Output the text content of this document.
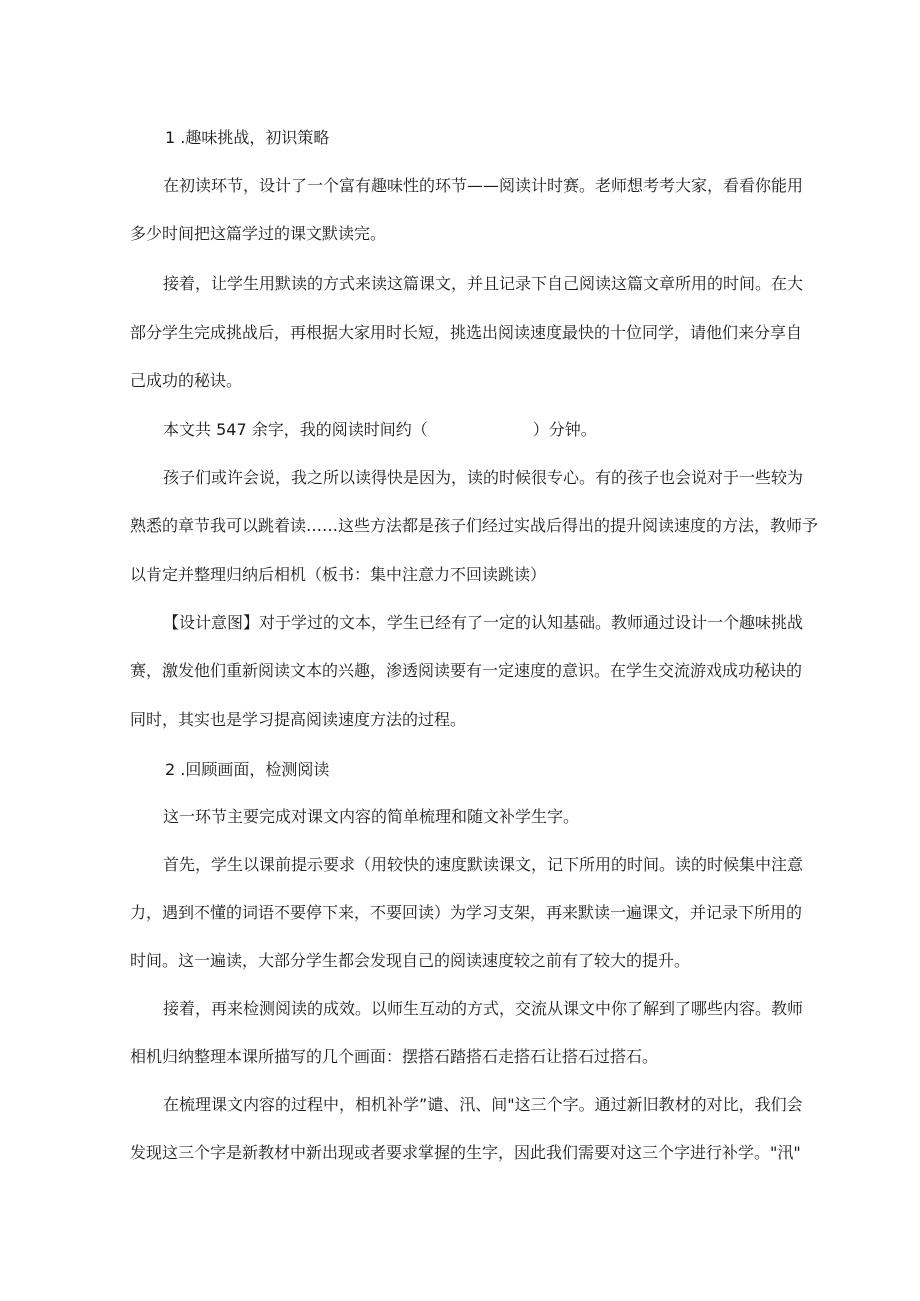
1 .趣味挑战，初识策略
在初读环节，设计了一个富有趣味性的环节——阅读计时赛。老师想考考大家，看看你能用
多少时间把这篇学过的课文默读完。
接着，让学生用默读的方式来读这篇课文，并且记录下自己阅读这篇文章所用的时间。在大
部分学生完成挑战后，再根据大家用时长短，挑选出阅读速度最快的十位同学，请他们来分享自
己成功的秘诀。
本文共 547 余字，我的阅读时间约（	）分钟。
孩子们或许会说，我之所以读得快是因为，读的时候很专心。有的孩子也会说对于一些较为
熟悉的章节我可以跳着读……这些方法都是孩子们经过实战后得出的提升阅读速度的方法，教师予
以肯定并整理归纳后相机（板书：集中注意力不回读跳读）
【设计意图】对于学过的文本，学生已经有了一定的认知基础。教师通过设计一个趣味挑战
赛，激发他们重新阅读文本的兴趣，渗透阅读要有一定速度的意识。在学生交流游戏成功秘诀的
同时，其实也是学习提高阅读速度方法的过程。
2 .回顾画面，检测阅读
这一环节主要完成对课文内容的简单梳理和随文补学生字。
首先，学生以课前提示要求（用较快的速度默读课文，记下所用的时间。读的时候集中注意
力，遇到不懂的词语不要停下来，不要回读）为学习支架，再来默读一遍课文，并记录下所用的
时间。这一遍读，大部分学生都会发现自己的阅读速度较之前有了较大的提升。
接着，再来检测阅读的成效。以师生互动的方式，交流从课文中你了解到了哪些内容。教师
相机归纳整理本课所描写的几个画面：摆搭石踏搭石走搭石让搭石过搭石。
在梳理课文内容的过程中，相机补学”谴、汛、间"这三个字。通过新旧教材的对比，我们会
发现这三个字是新教材中新出现或者要求掌握的生字，因此我们需要对这三个字进行补学。"汛"
